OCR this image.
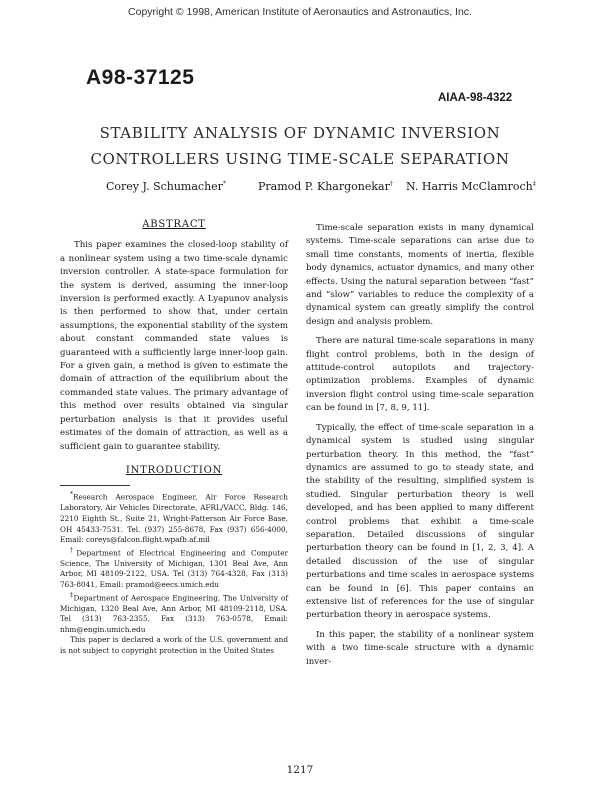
Copyright © 1998, American Institute of Aeronautics and Astronautics, Inc.
A98-37125
AIAA-98-4322
STABILITY ANALYSIS OF DYNAMIC INVERSION
CONTROLLERS USING TIME-SCALE SEPARATION
Corey J. Schumacher*	Pramod P. Khargonekar† N. Harris McClamroch‡
ABSTRACT

This paper examines the closed-loop stability of a nonlinear system using a two time-scale dynamic inversion controller. A state-space formulation for the system is derived, assuming the inner-loop inversion is performed exactly. A Lyapunov analysis is then performed to show that, under certain assumptions, the exponential stability of the system about constant commanded state values is guaranteed with a sufficiently large inner-loop gain. For a given gain, a method is given to estimate the domain of attraction of the equilibrium about the commanded state values. The primary advantage of this method over results obtained via singular perturbation analysis is that it provides useful estimates of the domain of attraction, as well as a sufficient gain to guarantee stability.

INTRODUCTION

*Research Aerospace Engineer, Air Force Research Laboratory, Air Vehicles Directorate, AFRL/VACC, Bldg. 146, 2210 Eighth St., Suite 21, Wright-Patterson Air Force Base, OH 45433-7531. Tel. (937) 255-8678, Fax (937) 656-4000, Email: coreys@falcon.flight.wpafb.af.mil

†Department of Electrical Engineering and Computer Science, The University of Michigan, 1301 Beal Ave, Ann Arbor, MI 48109-2122, USA. Tel (313) 764-4328, Fax (313) 763-8041, Email: pramod@eecs.umich.edu

‡Department of Aerospace Engineering, The University of Michigan, 1320 Beal Ave, Ann Arbor, MI 48109-2118, USA. Tel (313) 763-2355, Fax (313) 763-0578, Email: nhm@engin.umich.edu

This paper is declared a work of the U.S. government and is not subject to copyright protection in the United States

Time-scale separation exists in many dynamical systems. Time-scale separations can arise due to small time constants, moments of inertia, flexible body dynamics, actuator dynamics, and many other effects. Using the natural separation between “fast” and “slow” variables to reduce the complexity of a dynamical system can greatly simplify the control design and analysis problem.

There are natural time-scale separations in many flight control problems, both in the design of attitude-control autopilots and trajectory-optimization problems. Examples of dynamic inversion flight control using time-scale separation can be found in [7, 8, 9, 11].

Typically, the effect of time-scale separation in a dynamical system is studied using singular perturbation theory. In this method, the “fast” dynamics are assumed to go to steady state, and the stability of the resulting, simplified system is studied. Singular perturbation theory is well developed, and has been applied to many different control problems that exhibit a time-scale separation. Detailed discussions of singular perturbation theory can be found in [1, 2, 3, 4]. A detailed discussion of the use of singular perturbations and time scales in aerospace systems can be found in [6]. This paper contains an extensive list of references for the use of singular perturbation theory in aerospace systems.

In this paper, the stability of a nonlinear system with a two time-scale structure with a dynamic inver-

1217
